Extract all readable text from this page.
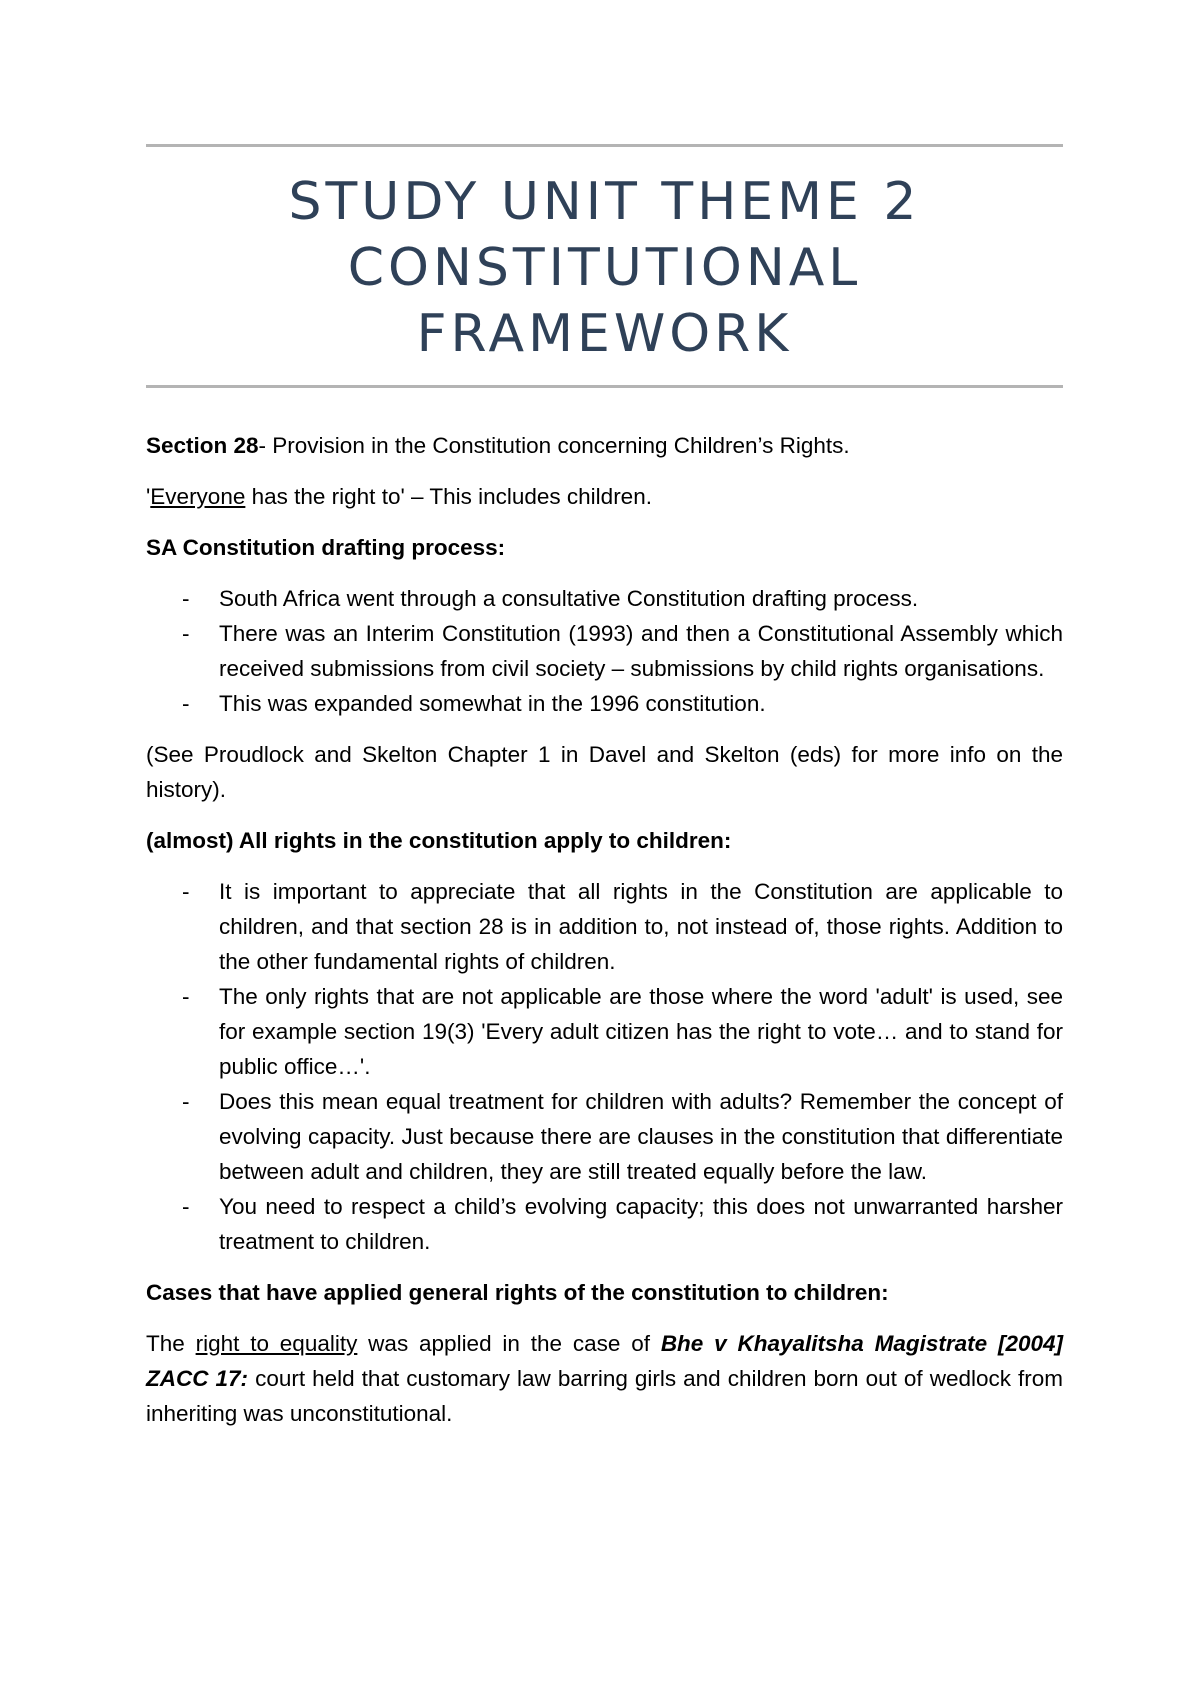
STUDY UNIT THEME 2
CONSTITUTIONAL
FRAMEWORK

Section 28- Provision in the Constitution concerning Children’s Rights.

'Everyone has the right to' – This includes children.

SA Constitution drafting process:

- South Africa went through a consultative Constitution drafting process.
- There was an Interim Constitution (1993) and then a Constitutional Assembly which received submissions from civil society – submissions by child rights organisations.
- This was expanded somewhat in the 1996 constitution.

(See Proudlock and Skelton Chapter 1 in Davel and Skelton (eds) for more info on the history).

(almost) All rights in the constitution apply to children:

- It is important to appreciate that all rights in the Constitution are applicable to children, and that section 28 is in addition to, not instead of, those rights. Addition to the other fundamental rights of children.
- The only rights that are not applicable are those where the word 'adult' is used, see for example section 19(3) 'Every adult citizen has the right to vote… and to stand for public office…'.
- Does this mean equal treatment for children with adults? Remember the concept of evolving capacity. Just because there are clauses in the constitution that differentiate between adult and children, they are still treated equally before the law.
- You need to respect a child’s evolving capacity; this does not unwarranted harsher treatment to children.

Cases that have applied general rights of the constitution to children:

The right to equality was applied in the case of Bhe v Khayalitsha Magistrate [2004] ZACC 17: court held that customary law barring girls and children born out of wedlock from inheriting was unconstitutional.
